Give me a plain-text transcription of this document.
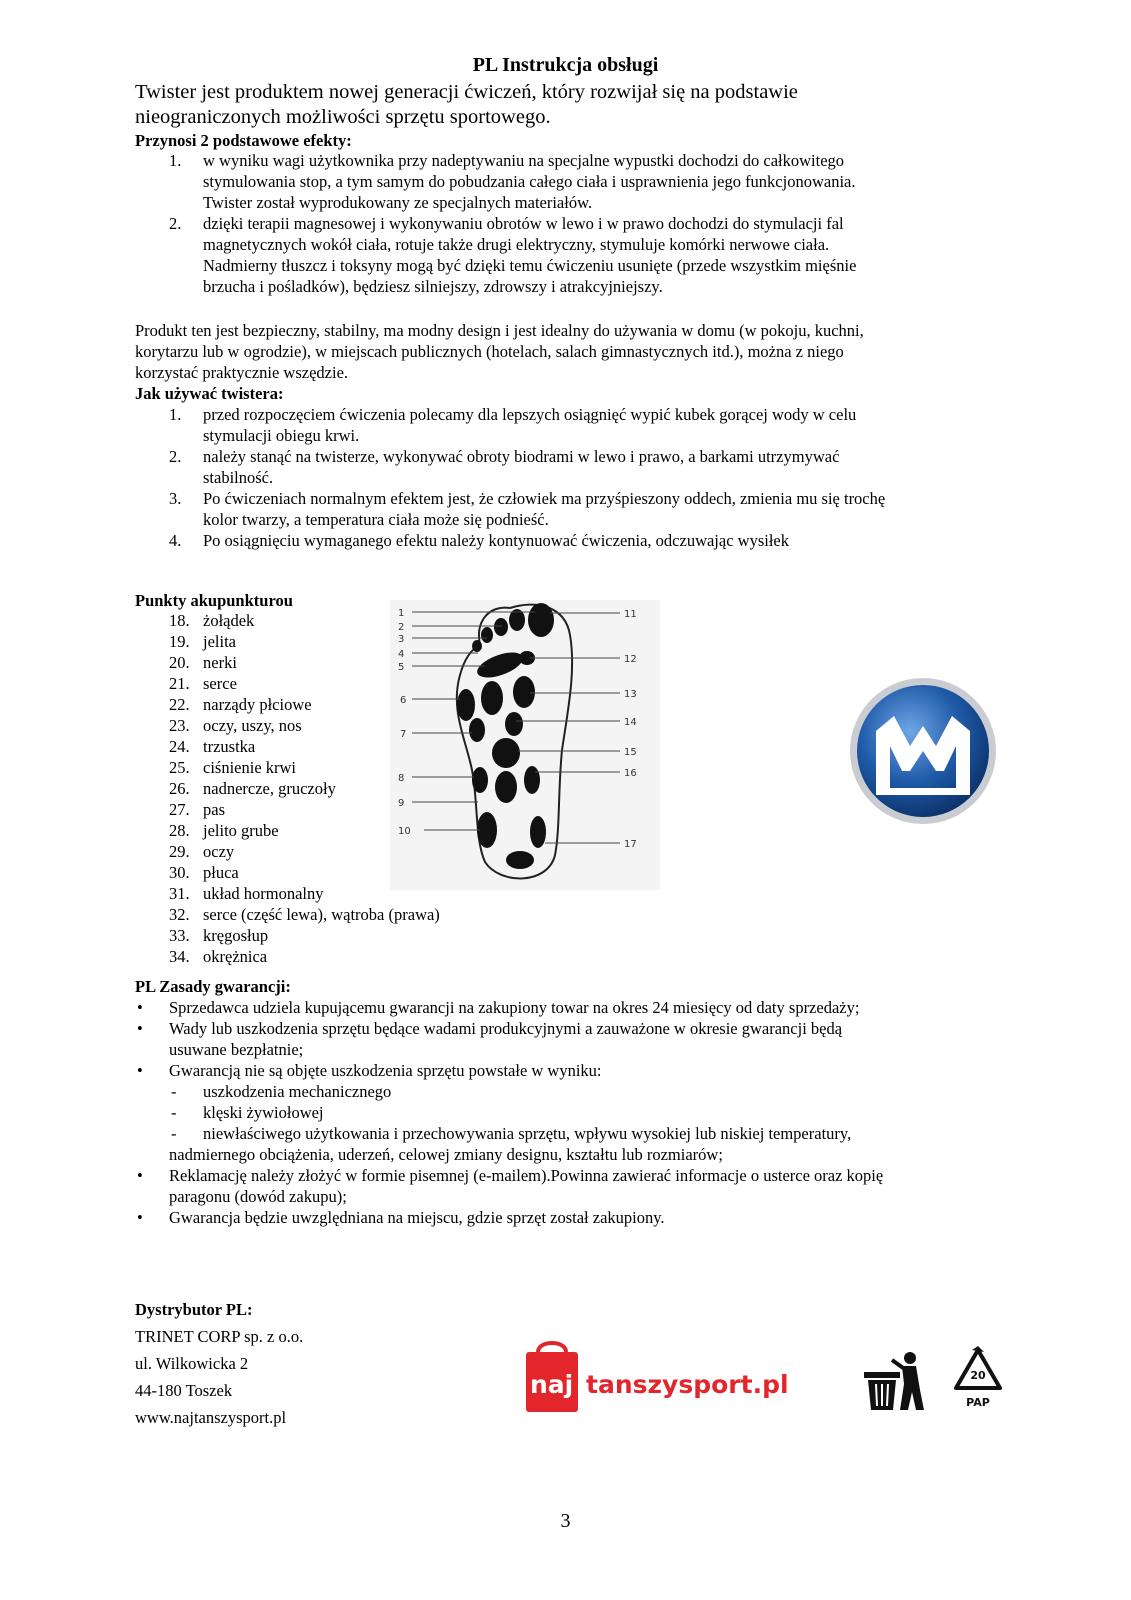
PL Instrukcja obsługi
Twister jest produktem nowej generacji ćwiczeń, który rozwijał się na podstawie
nieograniczonych możliwości sprzętu sportowego.
Przynosi 2 podstawowe efekty:
1. w wyniku wagi użytkownika przy nadeptywaniu na specjalne wypustki dochodzi do całkowitego
stymulowania stop, a tym samym do pobudzania całego ciała i usprawnienia jego funkcjonowania.
Twister został wyprodukowany ze specjalnych materiałów.
2. dzięki terapii magnesowej i wykonywaniu obrotów w lewo i w prawo dochodzi do stymulacji fal
magnetycznych wokół ciała, rotuje także drugi elektryczny, stymuluje komórki nerwowe ciała.
Nadmierny tłuszcz i toksyny mogą być dzięki temu ćwiczeniu usunięte (przede wszystkim mięśnie
brzucha i pośladków), będziesz silniejszy, zdrowszy i atrakcyjniejszy.
Produkt ten jest bezpieczny, stabilny, ma modny design i jest idealny do używania w domu (w pokoju, kuchni,
korytarzu lub w ogrodzie), w miejscach publicznych (hotelach, salach gimnastycznych itd.), można z niego
korzystać praktycznie wszędzie.
Jak używać twistera:
1. przed rozpoczęciem ćwiczenia polecamy dla lepszych osiągnięć wypić kubek gorącej wody w celu
stymulacji obiegu krwi.
2. należy stanąć na twisterze, wykonywać obroty biodrami w lewo i prawo, a barkami utrzymywać
stabilność.
3. Po ćwiczeniach normalnym efektem jest, że człowiek ma przyśpieszony oddech, zmienia mu się trochę
kolor twarzy, a temperatura ciała może się podnieść.
4. Po osiągnięciu wymaganego efektu należy kontynuować ćwiczenia, odczuwając wysiłek
Punkty akupunkturou
18. żołądek
19. jelita
20. nerki
21. serce
22. narządy płciowe
23. oczy, uszy, nos
24. trzustka
25. ciśnienie krwi
26. nadnercze, gruczoły
27. pas
28. jelito grube
29. oczy
30. płuca
31. układ hormonalny
32. serce (część lewa), wątroba (prawa)
33. kręgosłup
34. okrężnica
1
2
3
4
5
6
7
8
9
10
11
12
13
14
15
16
17
PL Zasady gwarancji:
• Sprzedawca udziela kupującemu gwarancji na zakupiony towar na okres 24 miesięcy od daty sprzedaży;
• Wady lub uszkodzenia sprzętu będące wadami produkcyjnymi a zauważone w okresie gwarancji będą
usuwane bezpłatnie;
• Gwarancją nie są objęte uszkodzenia sprzętu powstałe w wyniku:
- uszkodzenia mechanicznego
- klęski żywiołowej
- niewłaściwego użytkowania i przechowywania sprzętu, wpływu wysokiej lub niskiej temperatury,
nadmiernego obciążenia, uderzeń, celowej zmiany designu, kształtu lub rozmiarów;
• Reklamację należy złożyć w formie pisemnej (e-mailem).Powinna zawierać informacje o usterce oraz kopię
paragonu (dowód zakupu);
• Gwarancja będzie uwzględniana na miejscu, gdzie sprzęt został zakupiony.
Dystrybutor PL:
TRINET CORP sp. z o.o.
ul. Wilkowicka 2
44-180 Toszek
www.najtanszysport.pl
naj tanszysport.pl	20
PAP
3
